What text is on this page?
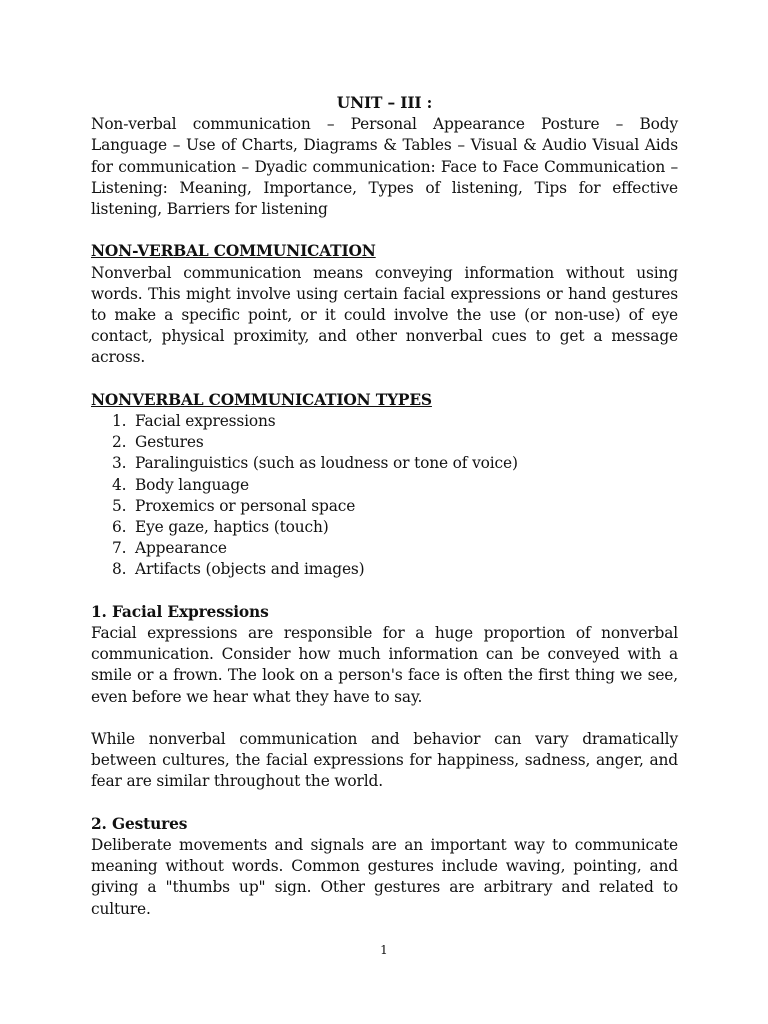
UNIT – III :

Non-verbal communication – Personal Appearance Posture – Body Language – Use of Charts, Diagrams & Tables – Visual & Audio Visual Aids for communication – Dyadic communication: Face to Face Communication – Listening: Meaning, Importance, Types of listening, Tips for effective listening, Barriers for listening

NON-VERBAL COMMUNICATION

Nonverbal communication means conveying information without using words. This might involve using certain facial expressions or hand gestures to make a specific point, or it could involve the use (or non-use) of eye contact, physical proximity, and other nonverbal cues to get a message across.

NONVERBAL COMMUNICATION TYPES
1. Facial expressions
2. Gestures
3. Paralinguistics (such as loudness or tone of voice)
4. Body language
5. Proxemics or personal space
6. Eye gaze, haptics (touch)
7. Appearance
8. Artifacts (objects and images)
1. Facial Expressions

Facial expressions are responsible for a huge proportion of nonverbal communication. Consider how much information can be conveyed with a smile or a frown. The look on a person's face is often the first thing we see, even before we hear what they have to say.

While nonverbal communication and behavior can vary dramatically between cultures, the facial expressions for happiness, sadness, anger, and fear are similar throughout the world.

2. Gestures

Deliberate movements and signals are an important way to communicate meaning without words. Common gestures include waving, pointing, and giving a "thumbs up" sign. Other gestures are arbitrary and related to culture.

1
